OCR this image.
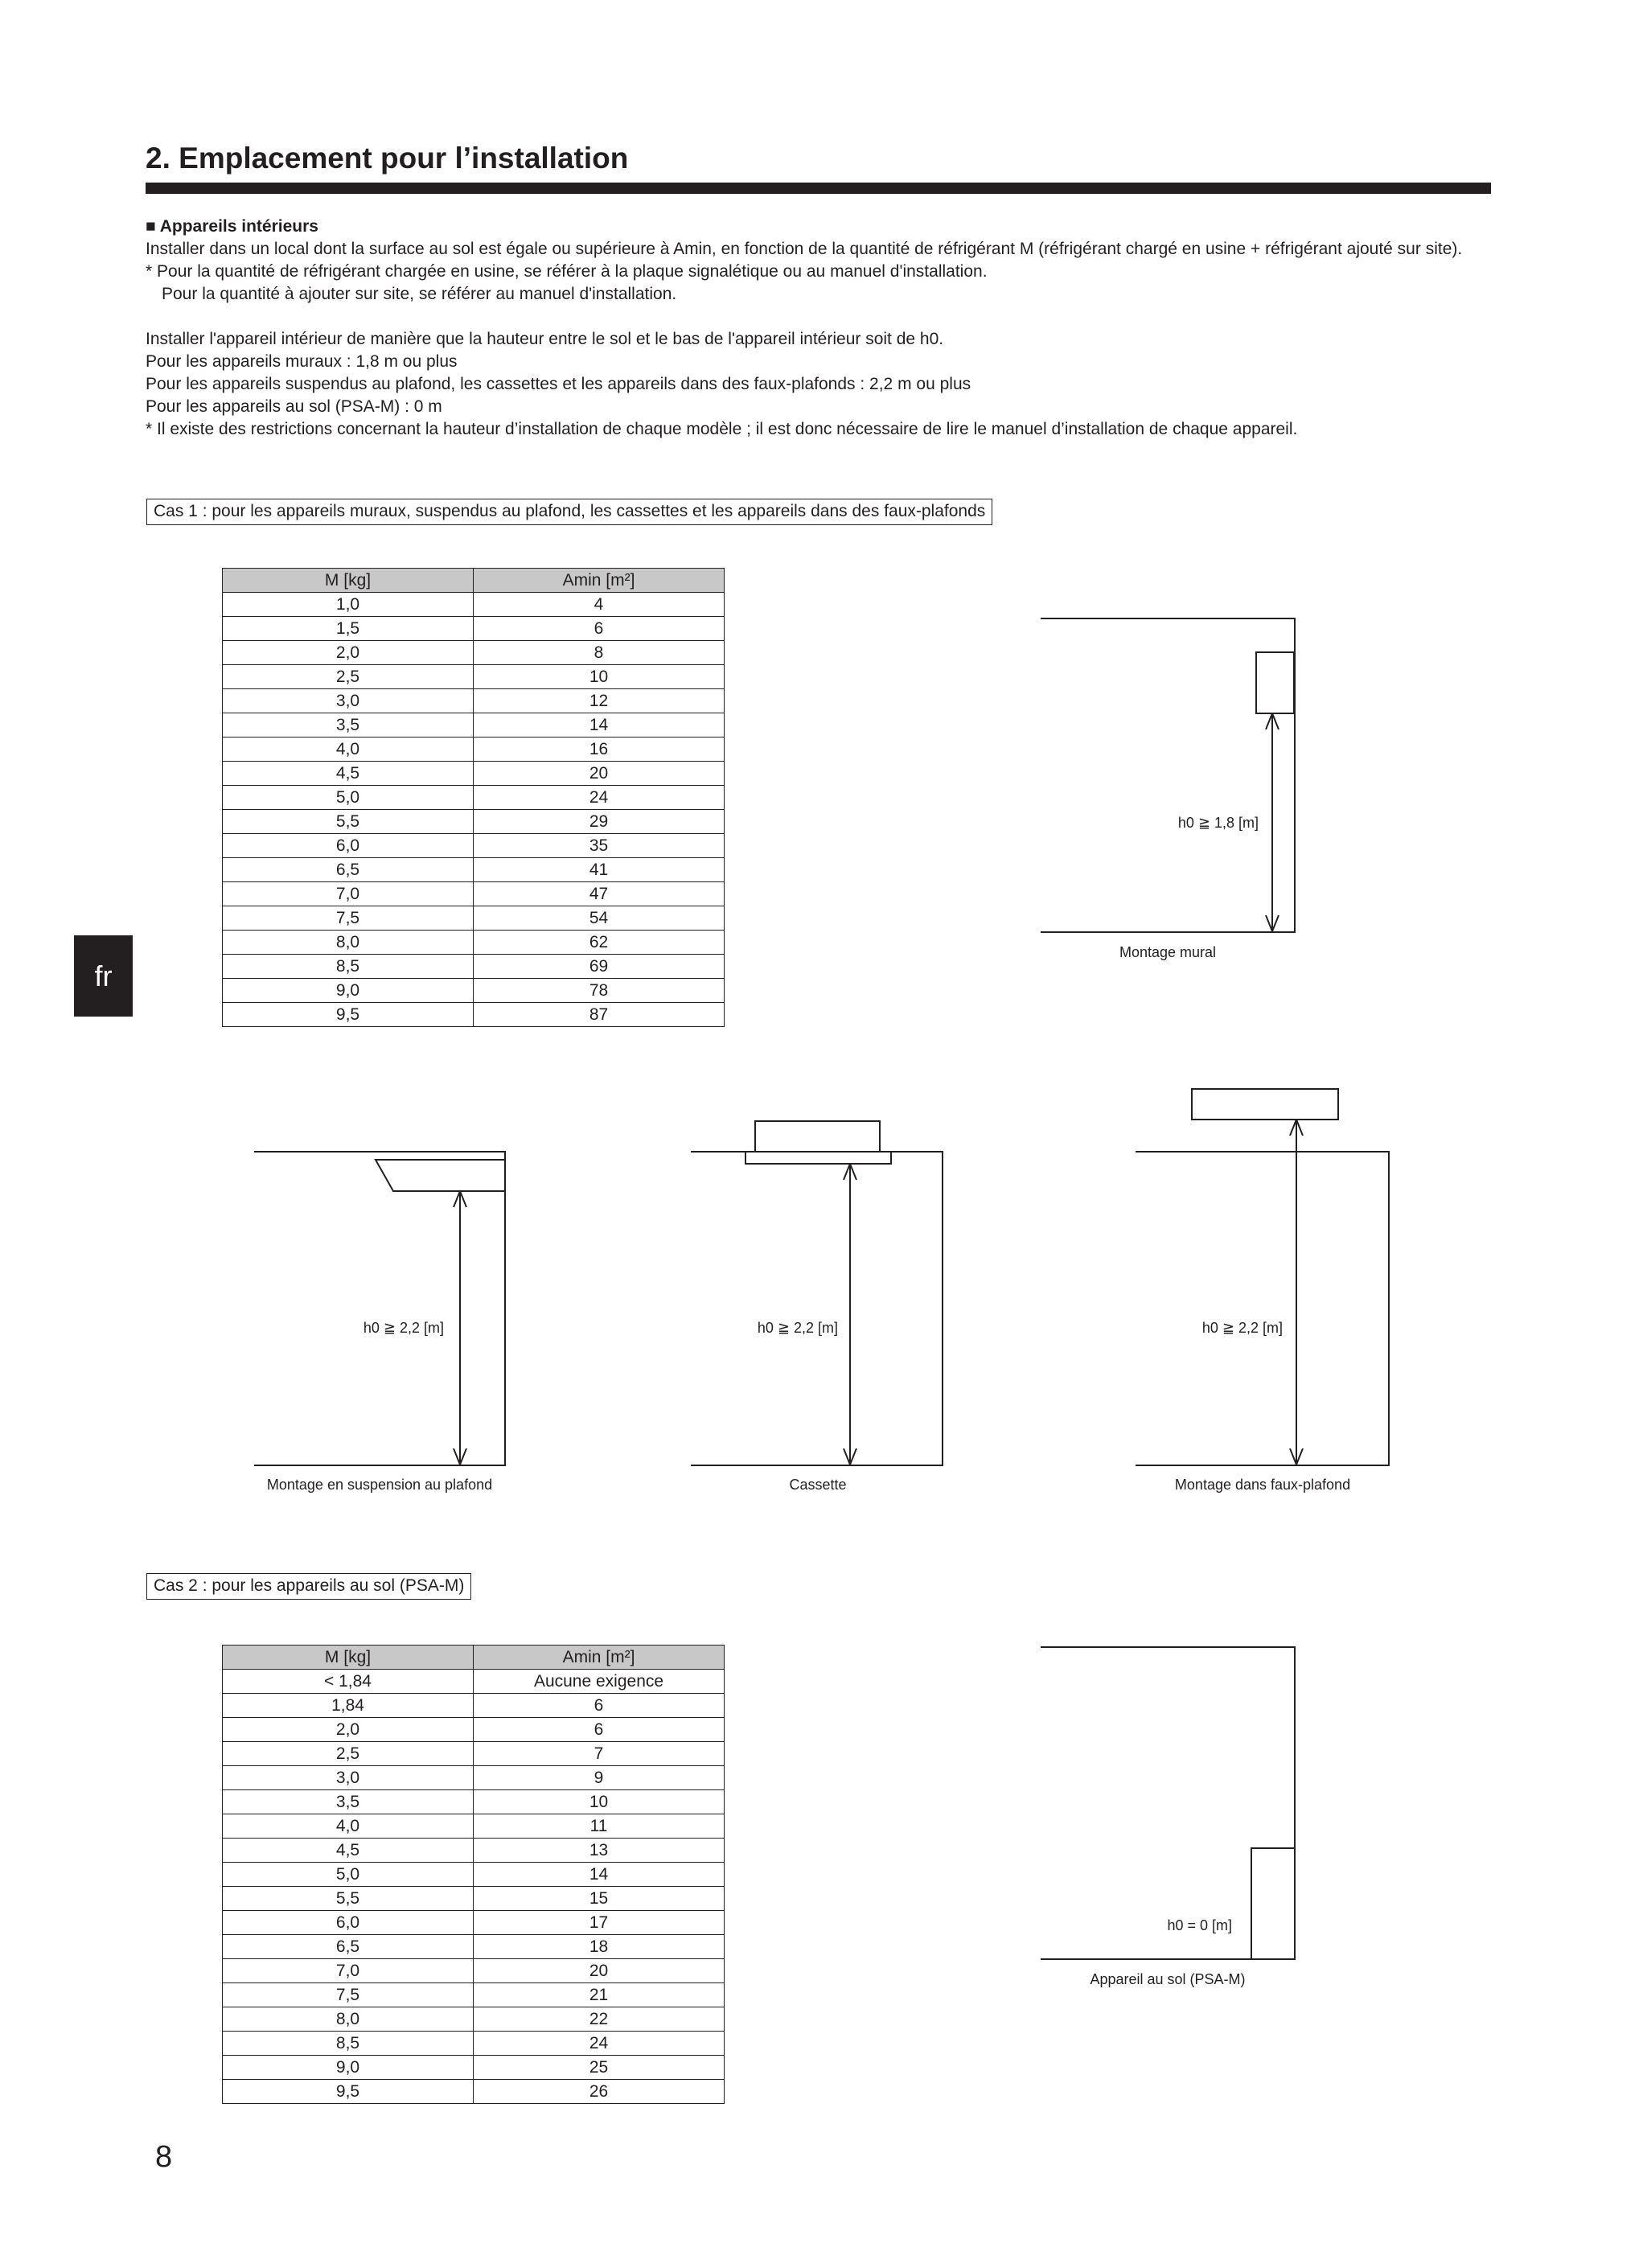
2. Emplacement pour l’installation

■ Appareils intérieurs

Installer dans un local dont la surface au sol est égale ou supérieure à Amin, en fonction de la quantité de réfrigérant M (réfrigérant chargé en usine + réfrigérant ajouté sur site).

* Pour la quantité de réfrigérant chargée en usine, se référer à la plaque signalétique ou au manuel d'installation.

Pour la quantité à ajouter sur site, se référer au manuel d'installation.

Installer l'appareil intérieur de manière que la hauteur entre le sol et le bas de l'appareil intérieur soit de h0.

Pour les appareils muraux : 1,8 m ou plus

Pour les appareils suspendus au plafond, les cassettes et les appareils dans des faux-plafonds : 2,2 m ou plus

Pour les appareils au sol (PSA-M) : 0 m

* Il existe des restrictions concernant la hauteur d’installation de chaque modèle ; il est donc nécessaire de lire le manuel d’installation de chaque appareil.

Cas 1 : pour les appareils muraux, suspendus au plafond, les cassettes et les appareils dans des faux-plafonds
Cas 2 : pour les appareils au sol (PSA-M)
M [kg]	Amin [m²]
1,0	4
1,5	6
2,0	8
2,5	10
3,0	12
3,5	14
4,0	16
4,5	20
5,0	24
5,5	29
6,0	35
6,5	41
7,0	47
7,5	54
8,0	62
8,5	69
9,0	78
9,5	87
M [kg]	Amin [m²]
< 1,84	Aucune exigence
1,84	6
2,0	6
2,5	7
3,0	9
3,5	10
4,0	11
4,5	13
5,0	14
5,5	15
6,0	17
6,5	18
7,0	20
7,5	21
8,0	22
8,5	24
9,0	25
9,5	26
h0 ≧ 1,8 [m]
Montage mural
h0 ≧ 2,2 [m]
Montage en suspension au plafond
h0 ≧ 2,2 [m]
Cassette
h0 ≧ 2,2 [m]
Montage dans faux-plafond
h0 = 0 [m]
Appareil au sol (PSA-M)
fr
8
